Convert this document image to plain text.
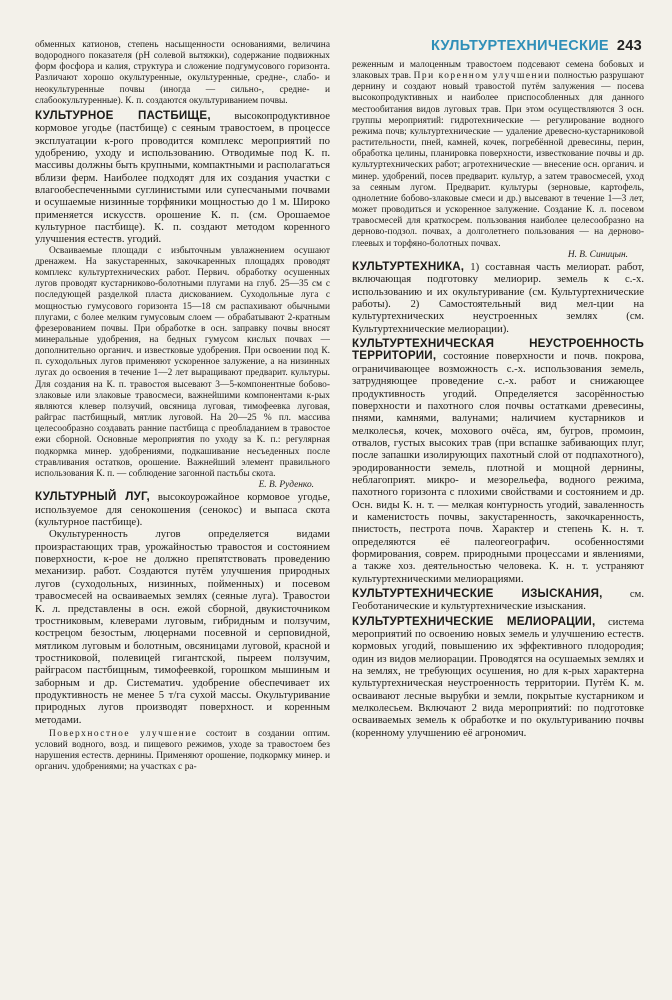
КУЛЬТУРТЕХНИЧЕСКИЕ 243

обменных катионов, степень насыщенности основаниями, величина водородного показателя (pH солевой вытяжки), содержание подвижных форм фосфора и калия, структура и сложение подгумусового горизонта. Различают хорошо окультуренные, окультуренные, средне-, слабо- и неокультуренные почвы (иногда — сильно-, средне- и слабоокультуренные). К. п. создаются окультуриванием почвы.

КУЛЬТУРНОЕ ПАСТБИЩЕ, высокопродуктивное кормовое угодье (пастбище) с сеяным травостоем, в процессе эксплуатации к-рого проводится комплекс мероприятий по удобрению, уходу и использованию. Отводимые под К. п. массивы должны быть крупными, компактными и располагаться вблизи ферм. Наиболее подходят для их создания участки с влагообеспеченными суглинистыми или супесчаными почвами и осушаемые низинные торфяники мощностью до 1 м. Широко применяется искусств. орошение К. п. (см. Орошаемое культурное пастбище). К. п. создают методом коренного улучшения естеств. угодий.

Осваиваемые площади с избыточным увлажнением осушают дренажем. На закустаренных, закочкаренных площадях проводят комплекс культуртехнических работ. Первич. обработку осушенных лугов проводят кустарниково-болотными плугами на глуб. 25—35 см с последующей разделкой пласта дискованием. Суходольные луга с мощностью гумусового горизонта 15—18 см распахивают обычными плугами, с более мелким гумусовым слоем — обрабатывают 2-кратным фрезерованием почвы. При обработке в осн. заправку почвы вносят минеральные удобрения, на бедных гумусом кислых почвах — дополнительно органич. и известковые удобрения. При освоении под К. п. суходольных лугов применяют ускоренное залужение, а на низинных лугах до освоения в течение 1—2 лет выращивают предварит. культуры. Для создания на К. п. травостоя высевают 3—5-компонентные бобово-злаковые или злаковые травосмеси, важнейшими компонентами к-рых являются клевер ползучий, овсяница луговая, тимофеевка луговая, райграс пастбищный, мятлик луговой. На 20—25 % пл. массива целесообразно создавать ранние пастбища с преобладанием в травостое ежи сборной. Основные мероприятия по уходу за К. п.: регулярная подкормка минер. удобрениями, подкашивание несъеденных после стравливания остатков, орошение. Важнейший элемент правильного использования К. п. — соблюдение загонной пастьбы скота.

Е. В. Руденко.

КУЛЬТУРНЫЙ ЛУГ, высокоурожайное кормовое угодье, используемое для сенокошения (сенокос) и выпаса скота (культурное пастбище).

Окультуренность лугов определяется видами произрастающих трав, урожайностью травостоя и состоянием поверхности, к-рое не должно препятствовать проведению механизир. работ. Создаются путём улучшения природных лугов (суходольных, низинных, пойменных) и посевом травосмесей на осваиваемых землях (сеяные луга). Травостои К. л. представлены в осн. ежой сборной, двукисточником тростниковым, клеверами луговым, гибридным и ползучим, кострецом безостым, люцернами посевной и серповидной, мятликом луговым и болотным, овсяницами луговой, красной и тростниковой, полевицей гигантской, пыреем ползучим, райграсом пастбищным, тимофеевкой, горошком мышиным и заборным и др. Систематич. удобрение обеспечивает их продуктивность не менее 5 т/га сухой массы. Окультуривание природных лугов производят поверхност. и коренным методами.

Поверхностное улучшение состоит в создании оптим. условий водного, возд. и пищевого режимов, уходе за травостоем без нарушения естеств. дернины. Применяют орошение, подкормку минер. и органич. удобрениями; на участках с ра-

реженным и малоценным травостоем подсевают семена бобовых и злаковых трав. При коренном улучшении полностью разрушают дернину и создают новый травостой путём залужения — посева высокопродуктивных и наиболее приспособленных для данного местообитания видов луговых трав. При этом осуществляются 3 осн. группы мероприятий: гидротехнические — регулирование водного режима почв; культуртехнические — удаление древесно-кустарниковой растительности, пней, камней, кочек, погребённой древесины, перин, обработка целины, планировка поверхности, известкование почвы и др. культуртехнических работ; агротехнические — внесение осн. органич. и минер. удобрений, посев предварит. культур, а затем травосмесей, уход за сеяным лугом. Предварит. культуры (зерновые, картофель, однолетние бобово-злаковые смеси и др.) высевают в течение 1—3 лет, может проводиться и ускоренное залужение. Создание К. л. посевом травосмесей для краткосрем. пользования наиболее целесообразно на дерново-подзол. почвах, а долголетнего пользования — на дерново-глеевых и торфяно-болотных почвах.

Н. В. Синицын.

КУЛЬТУРТЕХНИКА, 1) составная часть мелиорат. работ, включающая подготовку мелиорир. земель к с.-х. использованию и их окультуривание (см. Культуртехнические работы). 2) Самостоятельный вид мел-ции на культуртехнических неустроенных землях (см. Культуртехнические мелиорации).

КУЛЬТУРТЕХНИЧЕСКАЯ НЕУСТРОЕННОСТЬ ТЕРРИТОРИИ, состояние поверхности и почв. покрова, ограничивающее возможность с.-х. использования земель, затрудняющее проведение с.-х. работ и снижающее продуктивность угодий. Определяется засорённостью поверхности и пахотного слоя почвы остатками древесины, пнями, камнями, валунами; наличием кустарников и мелколесья, кочек, мохового очёса, ям, бугров, промоин, отвалов, густых высоких трав (при вспашке забивающих плуг, после запашки изолирующих пахотный слой от подпахотного), эродированности земель, плотной и мощной дернины, неблагоприят. микро- и мезорельефа, водного режима, пахотного горизонта с плохими свойствами и состоянием и др. Осн. виды К. н. т. — мелкая контурность угодий, заваленность и каменистость почвы, закустаренность, закочкаренность, пнистость, пестрота почв. Характер и степень К. н. т. определяются её палеогеографич. особенностями формирования, соврем. природными процессами и явлениями, а также хоз. деятельностью человека. К. н. т. устраняют культуртехническими мелиорациями.

КУЛЬТУРТЕХНИЧЕСКИЕ ИЗЫСКАНИЯ,	см. Геоботанические и культуртехнические изыскания.

КУЛЬТУРТЕХНИЧЕСКИЕ МЕЛИОРАЦИИ, система мероприятий по освоению новых земель и улучшению естеств. кормовых угодий, повышению их эффективного плодородия; один из видов мелиорации. Проводятся на осушаемых землях и на землях, не требующих осушения, но для к-рых характерна культуртехническая неустроенность территории. Путём К. м. осваивают лесные вырубки и земли, покрытые кустарником и мелколесьем. Включают 2 вида мероприятий: по подготовке осваиваемых земель к обработке и по окультуриванию почвы (коренному улучшению её агрономич.
